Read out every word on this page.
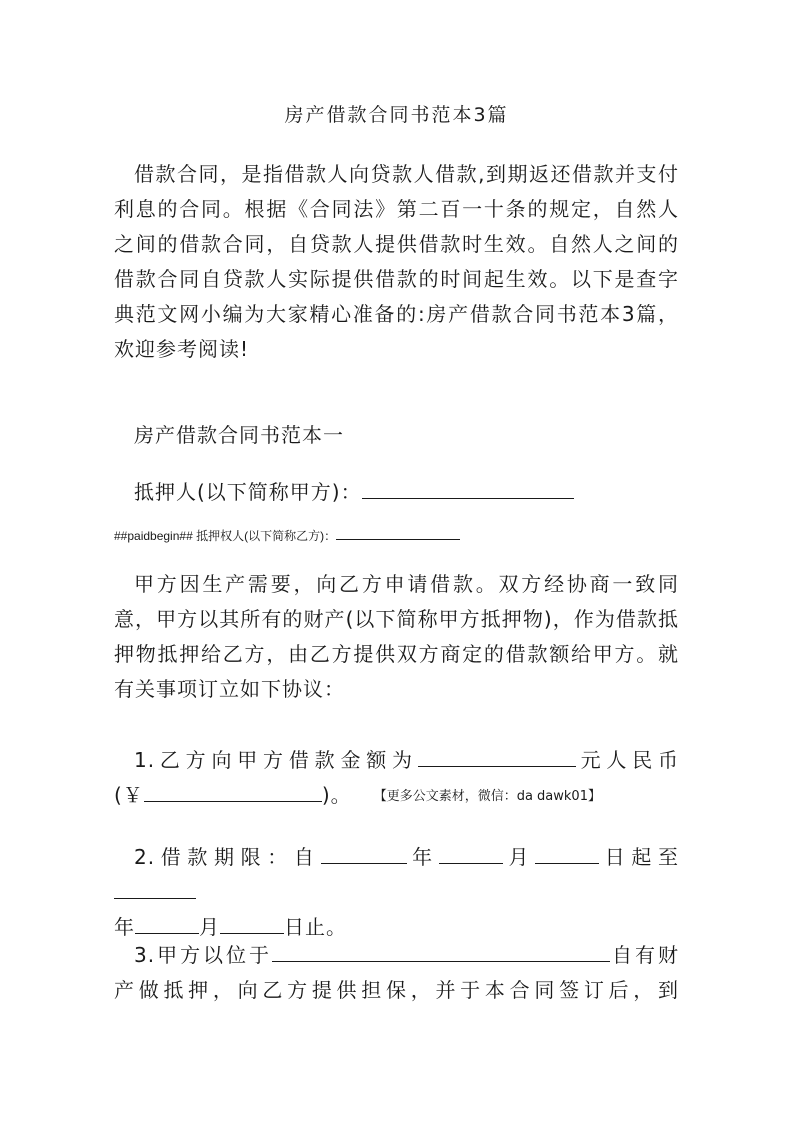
房产借款合同书范本3篇
借款合同，是指借款人向贷款人借款,到期返还借款并支付利息的合同。根据《合同法》第二百一十条的规定，自然人之间的借款合同，自贷款人提供借款时生效。自然人之间的借款合同自贷款人实际提供借款的时间起生效。以下是查字典范文网小编为大家精心准备的:房产借款合同书范本3篇，欢迎参考阅读!
房产借款合同书范本一
抵押人(以下简称甲方)：
##paidbegin## 抵押权人(以下简称乙方)：
甲方因生产需要，向乙方申请借款。双方经协商一致同意，甲方以其所有的财产(以下简称甲方抵押物)，作为借款抵押物抵押给乙方，由乙方提供双方商定的借款额给甲方。就有关事项订立如下协议：
1.乙方向甲方借款金额为	元人民币
(￥	)。 【更多公文素材，微信：da dawk01】
2.借款期限：自	年	月	日起至
年	月	日止。
3.甲方以位于	自有财
产做抵押，向乙方提供担保，并于本合同签订后，到
